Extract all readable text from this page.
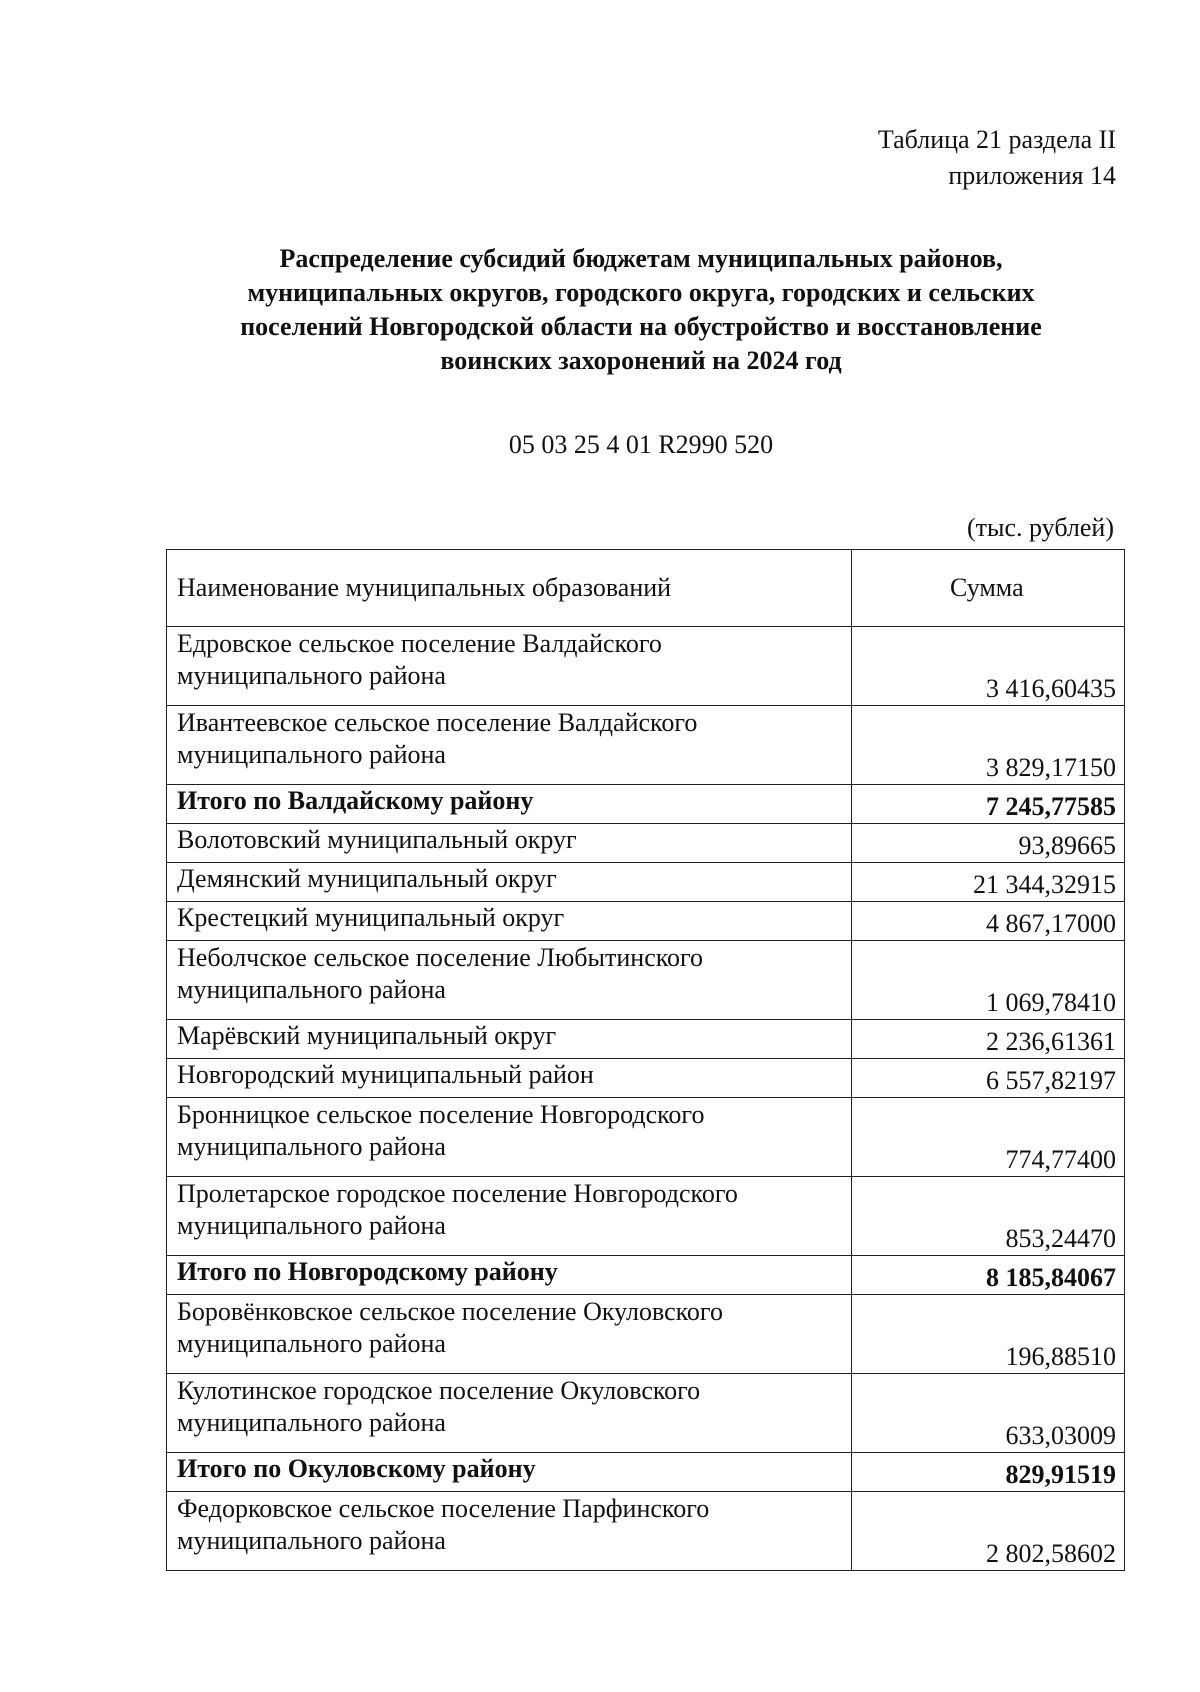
Таблица 21 раздела II
приложения 14
Распределение субсидий бюджетам муниципальных районов,
муниципальных округов, городского округа, городских и сельских
поселений Новгородской области на обустройство и восстановление
воинских захоронений на 2024 год
05 03 25 4 01 R2990 520
(тыс. рублей)
Наименование муниципальных образований	Сумма
Едровское сельское поселение Валдайского
муниципального района	3 416,60435
Ивантеевское сельское поселение Валдайского
муниципального района	3 829,17150
Итого по Валдайскому району	7 245,77585
Волотовский муниципальный округ	93,89665
Демянский муниципальный округ	21 344,32915
Крестецкий муниципальный округ	4 867,17000
Неболчское сельское поселение Любытинского
муниципального района	1 069,78410
Марёвский муниципальный округ	2 236,61361
Новгородский муниципальный район	6 557,82197
Бронницкое сельское поселение Новгородского
муниципального района	774,77400
Пролетарское городское поселение Новгородского
муниципального района	853,24470
Итого по Новгородскому району	8 185,84067
Боровёнковское сельское поселение Окуловского
муниципального района	196,88510
Кулотинское городское поселение Окуловского
муниципального района	633,03009
Итого по Окуловскому району	829,91519
Федорковское сельское поселение Парфинского
муниципального района	2 802,58602
